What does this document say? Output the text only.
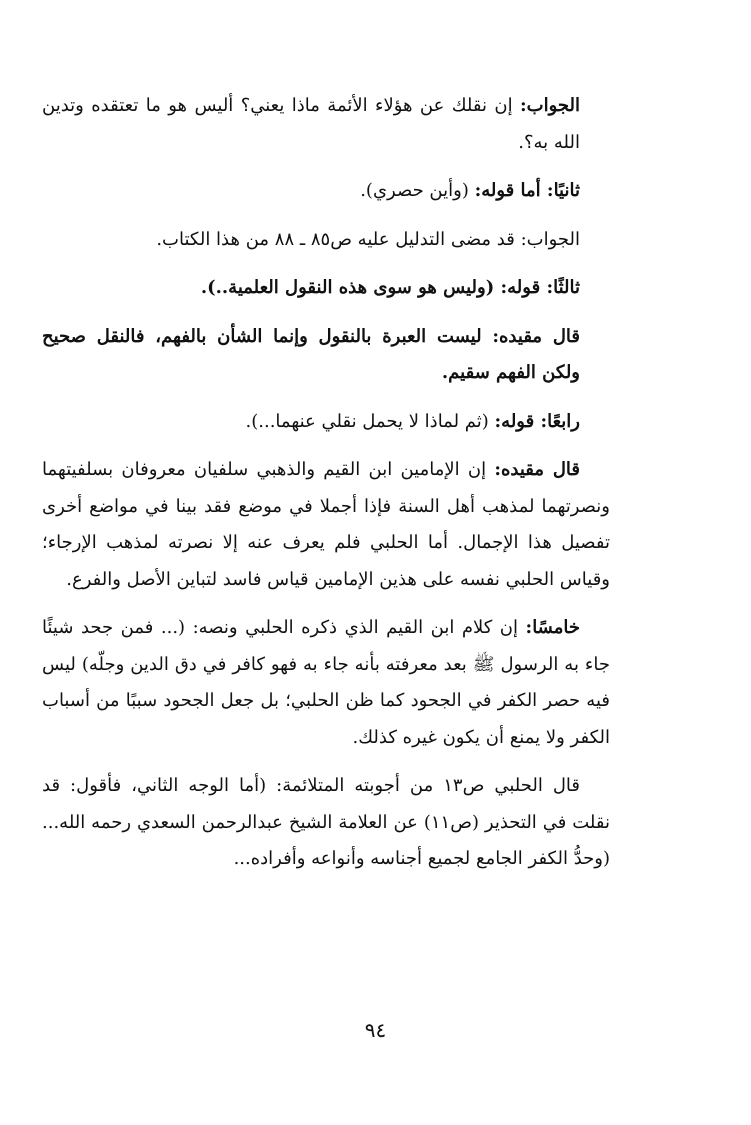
الجواب: إن نقلك عن هؤلاء الأئمة ماذا يعني؟ أليس هو ما تعتقده وتدين الله به؟.

ثانيًا: أما قوله: (وأين حصري).

الجواب: قد مضى التدليل عليه ص٨٥ ـ ٨٨ من هذا الكتاب.

ثالثًا: قوله: (وليس هو سوى هذه النقول العلمية..).

قال مقيده: ليست العبرة بالنقول وإنما الشأن بالفهم، فالنقل صحيح ولكن الفهم سقيم.

رابعًا: قوله: (ثم لماذا لا يحمل نقلي عنهما...).

قال مقيده: إن الإمامين ابن القيم والذهبي سلفيان معروفان بسلفيتهما ونصرتهما لمذهب أهل السنة فإذا أجملا في موضع فقد بينا في مواضع أخرى تفصيل هذا الإجمال. أما الحلبي فلم يعرف عنه إلا نصرته لمذهب الإرجاء؛ وقياس الحلبي نفسه على هذين الإمامين قياس فاسد لتباين الأصل والفرع.

خامسًا: إن كلام ابن القيم الذي ذكره الحلبي ونصه: (... فمن جحد شيئًا جاء به الرسول ﷺ بعد معرفته بأنه جاء به فهو كافر في دق الدين وجلّه) ليس فيه حصر الكفر في الجحود كما ظن الحلبي؛ بل جعل الجحود سببًا من أسباب الكفر ولا يمنع أن يكون غيره كذلك.

قال الحلبي ص١٣ من أجوبته المتلائمة: (أما الوجه الثاني، فأقول: قد نقلت في التحذير (ص١١) عن العلامة الشيخ عبدالرحمن السعدي رحمه الله... (وحدُّ الكفر الجامع لجميع أجناسه وأنواعه وأفراده...

٩٤
